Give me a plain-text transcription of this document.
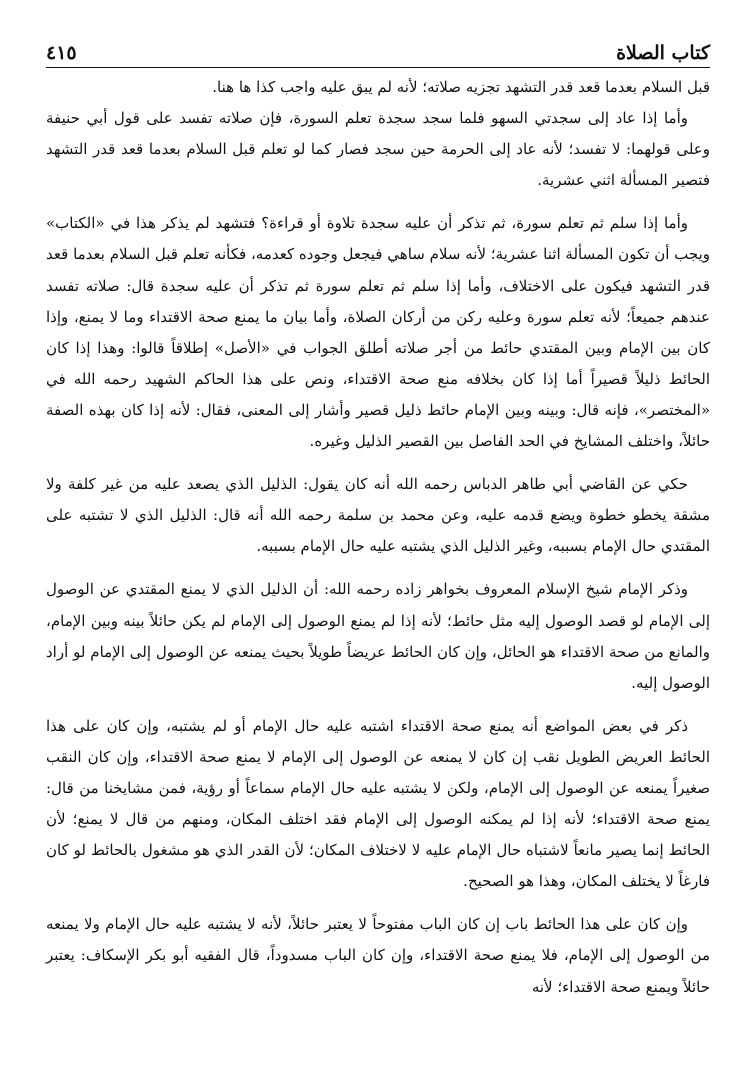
كتاب الصلاة
٤١٥

قبل السلام بعدما قعد قدر التشهد تجزيه صلاته؛ لأنه لم يبق عليه واجب كذا ها هنا.

وأما إذا عاد إلى سجدتي السهو فلما سجد سجدة تعلم السورة، فإن صلاته تفسد على قول أبي حنيفة وعلى قولهما: لا تفسد؛ لأنه عاد إلى الحرمة حين سجد فصار كما لو تعلم قبل السلام بعدما قعد قدر التشهد فتصير المسألة اثني عشرية.

وأما إذا سلم ثم تعلم سورة، ثم تذكر أن عليه سجدة تلاوة أو قراءة؟ فتشهد لم يذكر هذا في «الكتاب» ويجب أن تكون المسألة اثنا عشرية؛ لأنه سلام ساهي فيجعل وجوده كعدمه، فكأنه تعلم قبل السلام بعدما قعد قدر التشهد فيكون على الاختلاف، وأما إذا سلم ثم تعلم سورة ثم تذكر أن عليه سجدة قال: صلاته تفسد عندهم جميعاً؛ لأنه تعلم سورة وعليه ركن من أركان الصلاة، وأما بيان ما يمنع صحة الاقتداء وما لا يمنع، وإذا كان بين الإمام وبين المقتدي حائط من أجر صلاته أطلق الجواب في «الأصل» إطلاقاً قالوا: وهذا إذا كان الحائط ذليلاً قصيراً أما إذا كان بخلافه منع صحة الاقتداء، ونص على هذا الحاكم الشهيد رحمه الله في «المختصر»، فإنه قال: وبينه وبين الإمام حائط ذليل قصير وأشار إلى المعنى، فقال: لأنه إذا كان بهذه الصفة حائلاً، واختلف المشايخ في الحد الفاصل بين القصير الذليل وغيره.

حكي عن القاضي أبي طاهر الدباس رحمه الله أنه كان يقول: الذليل الذي يصعد عليه من غير كلفة ولا مشقة يخطو خطوة ويضع قدمه عليه، وعن محمد بن سلمة رحمه الله أنه قال: الذليل الذي لا تشتبه على المقتدي حال الإمام بسببه، وغير الذليل الذي يشتبه عليه حال الإمام بسببه.

وذكر الإمام شيخ الإسلام المعروف بخواهر زاده رحمه الله: أن الذليل الذي لا يمنع المقتدي عن الوصول إلى الإمام لو قصد الوصول إليه مثل حائط؛ لأنه إذا لم يمنع الوصول إلى الإمام لم يكن حائلاً بينه وبين الإمام، والمانع من صحة الاقتداء هو الحائل، وإن كان الحائط عريضاً طويلاً بحيث يمنعه عن الوصول إلى الإمام لو أراد الوصول إليه.

ذكر في بعض المواضع أنه يمنع صحة الاقتداء اشتبه عليه حال الإمام أو لم يشتبه، وإن كان على هذا الحائط العريض الطويل نقب إن كان لا يمنعه عن الوصول إلى الإمام لا يمنع صحة الاقتداء، وإن كان النقب صغيراً يمنعه عن الوصول إلى الإمام، ولكن لا يشتبه عليه حال الإمام سماعاً أو رؤية، فمن مشايخنا من قال: يمنع صحة الاقتداء؛ لأنه إذا لم يمكنه الوصول إلى الإمام فقد اختلف المكان، ومنهم من قال لا يمنع؛ لأن الحائط إنما يصير مانعاً لاشتباه حال الإمام عليه لا لاختلاف المكان؛ لأن القدر الذي هو مشغول بالحائط لو كان فارغاً لا يختلف المكان، وهذا هو الصحيح.

وإن كان على هذا الحائط باب إن كان الباب مفتوحاً لا يعتبر حائلاً، لأنه لا يشتبه عليه حال الإمام ولا يمنعه من الوصول إلى الإمام، فلا يمنع صحة الاقتداء، وإن كان الباب مسدوداً، قال الفقيه أبو بكر الإسكاف: يعتبر حائلاً ويمنع صحة الاقتداء؛ لأنه
